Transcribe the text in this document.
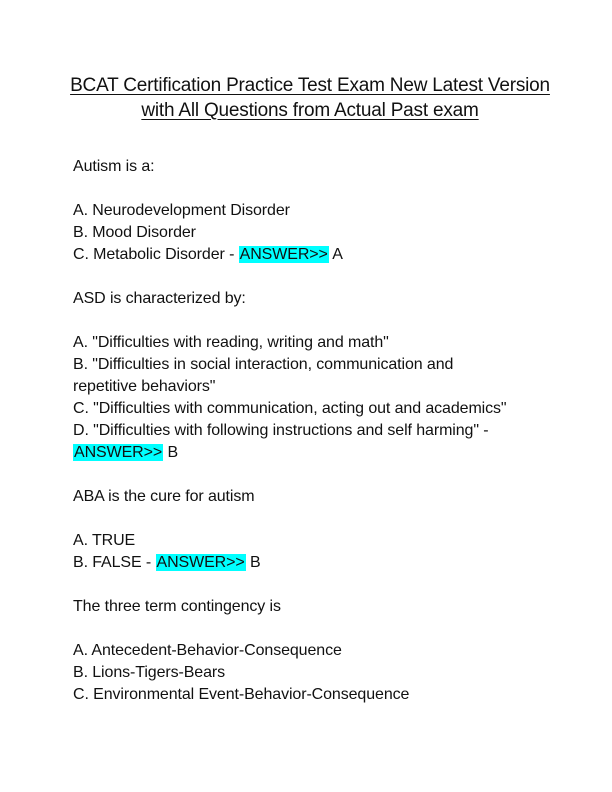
BCAT Certification Practice Test Exam New Latest Version
with All Questions from Actual Past exam
Autism is a:
A. Neurodevelopment Disorder
B. Mood Disorder
C. Metabolic Disorder - ANSWER>> A
ASD is characterized by:
A. "Difficulties with reading, writing and math"
B. "Difficulties in social interaction, communication and
repetitive behaviors"
C. "Difficulties with communication, acting out and academics"
D. "Difficulties with following instructions and self harming" -
ANSWER>> B
ABA is the cure for autism
A. TRUE
B. FALSE - ANSWER>> B
The three term contingency is
A. Antecedent-Behavior-Consequence
B. Lions-Tigers-Bears
C. Environmental Event-Behavior-Consequence
